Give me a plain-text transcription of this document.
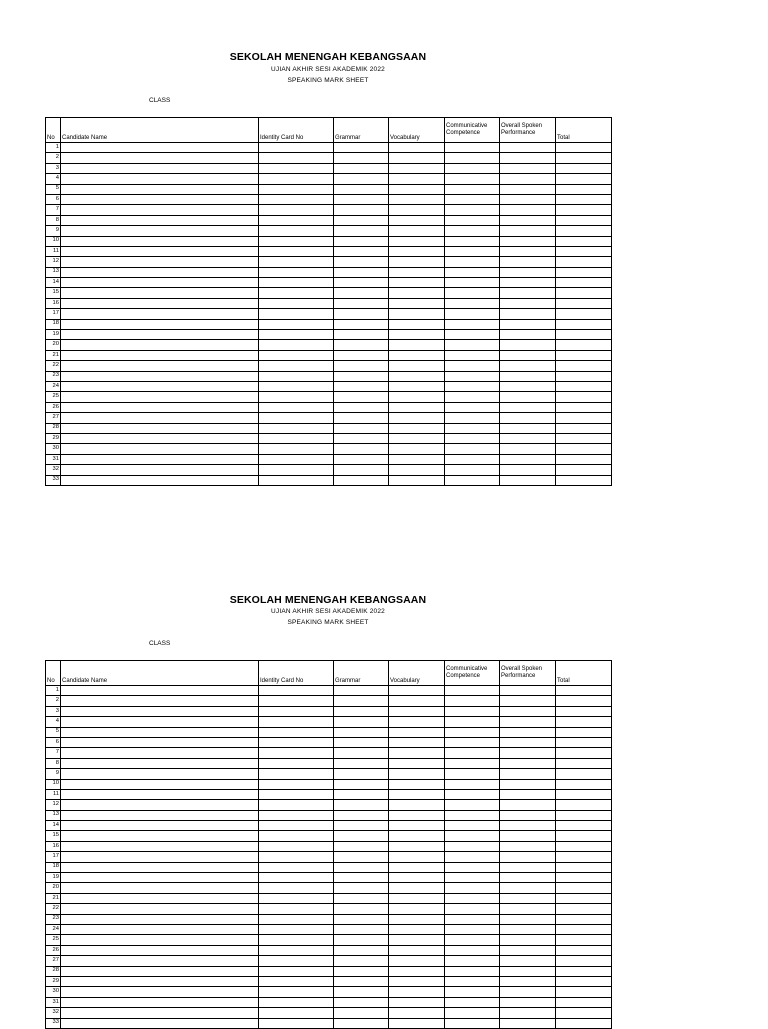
SEKOLAH MENENGAH KEBANGSAAN
UJIAN AKHIR SESI AKADEMIK 2022
SPEAKING MARK SHEET
CLASS
No	Candidate Name	Identity Card No	Grammar	Vocabulary	Communicative Competence	Overall Spoken Performance	Total
1							
2							
3							
4							
5							
6							
7							
8							
9							
10							
11							
12							
13							
14							
15							
16							
17							
18							
19							
20							
21							
22							
23							
24							
25							
26							
27							
28							
29							
30							
31							
32							
33							
SEKOLAH MENENGAH KEBANGSAAN
UJIAN AKHIR SESI AKADEMIK 2022
SPEAKING MARK SHEET
CLASS
No	Candidate Name	Identity Card No	Grammar	Vocabulary	Communicative Competence	Overall Spoken Performance	Total
1							
2							
3							
4							
5							
6							
7							
8							
9							
10							
11							
12							
13							
14							
15							
16							
17							
18							
19							
20							
21							
22							
23							
24							
25							
26							
27							
28							
29							
30							
31							
32							
33							
